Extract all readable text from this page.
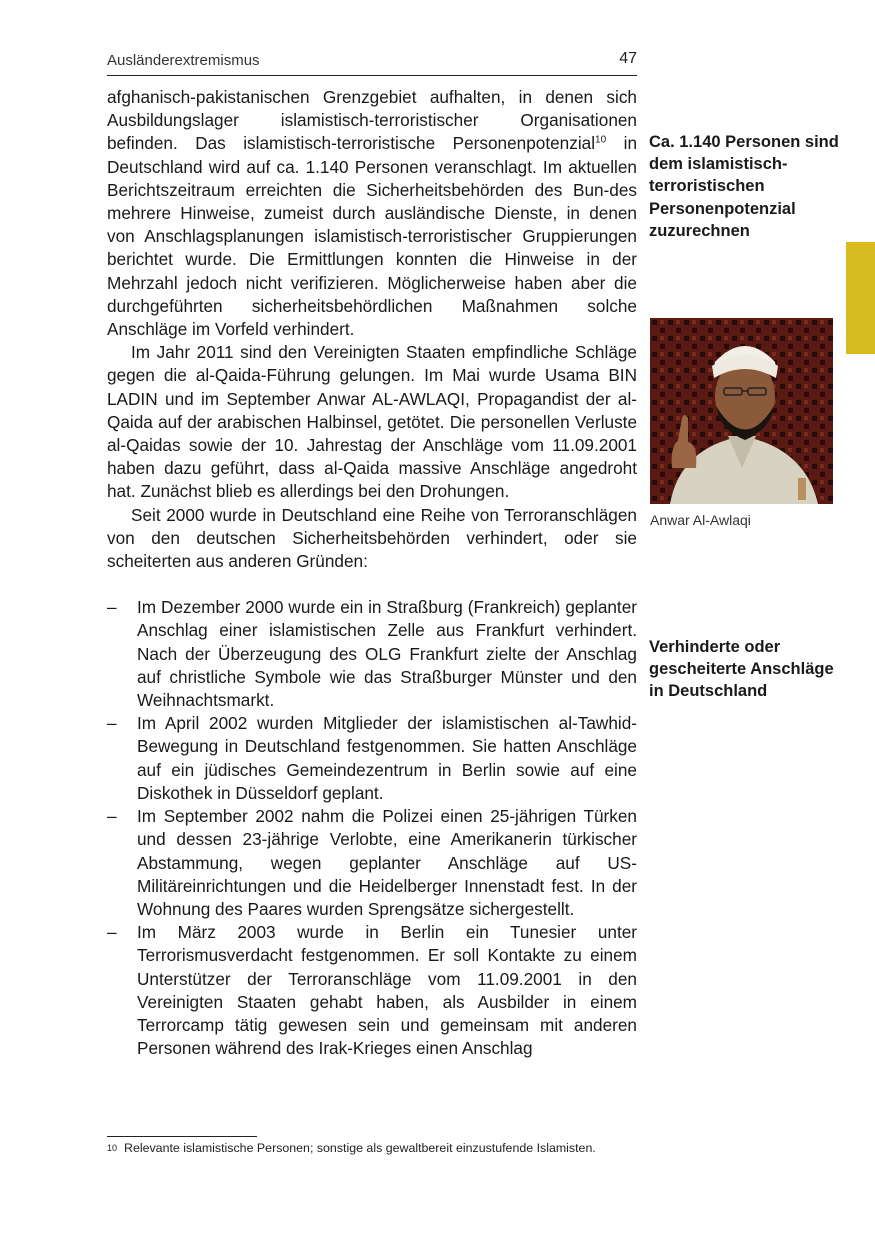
Ausländerextremismus	47

afghanisch-pakistanischen Grenzgebiet aufhalten, in denen sich Ausbildungslager islamistisch-terroristischer Organisationen befinden. Das islamistisch-terroristische Personenpotenzial$^{10}$ in Deutschland wird auf ca. 1.140 Personen veranschlagt. Im aktuellen Berichtszeitraum erreichten die Sicherheitsbehörden des Bun-des mehrere Hinweise, zumeist durch ausländische Dienste, in denen von Anschlagsplanungen islamistisch-terroristischer Gruppierungen berichtet wurde. Die Ermittlungen konnten die Hinweise in der Mehrzahl jedoch nicht verifizieren. Möglicherweise haben aber die durchgeführten sicherheitsbehördlichen Maßnahmen solche Anschläge im Vorfeld verhindert.

Im Jahr 2011 sind den Vereinigten Staaten empfindliche Schläge gegen die al-Qaida-Führung gelungen. Im Mai wurde Usama BIN LADIN und im September Anwar AL-AWLAQI, Propagandist der al-Qaida auf der arabischen Halbinsel, getötet. Die personellen Verluste al-Qaidas sowie der 10. Jahrestag der Anschläge vom 11.09.2001 haben dazu geführt, dass al-Qaida massive Anschläge angedroht hat. Zunächst blieb es allerdings bei den Drohungen.

Seit 2000 wurde in Deutschland eine Reihe von Terroranschlägen von den deutschen Sicherheitsbehörden verhindert, oder sie scheiterten aus anderen Gründen:

– Im Dezember 2000 wurde ein in Straßburg (Frankreich) geplanter Anschlag einer islamistischen Zelle aus Frankfurt verhindert. Nach der Überzeugung des OLG Frankfurt zielte der Anschlag auf christliche Symbole wie das Straßburger Münster und den Weihnachtsmarkt.
– Im April 2002 wurden Mitglieder der islamistischen al-Tawhid-Bewegung in Deutschland festgenommen. Sie hatten Anschläge auf ein jüdisches Gemeindezentrum in Berlin sowie auf eine Diskothek in Düsseldorf geplant.
– Im September 2002 nahm die Polizei einen 25-jährigen Türken und dessen 23-jährige Verlobte, eine Amerikanerin türkischer Abstammung, wegen geplanter Anschläge auf US-Militäreinrichtungen und die Heidelberger Innenstadt fest. In der Wohnung des Paares wurden Sprengsätze sichergestellt.
– Im März 2003 wurde in Berlin ein Tunesier unter Terrorismusverdacht festgenommen. Er soll Kontakte zu einem Unterstützer der Terroranschläge vom 11.09.2001 in den Vereinigten Staaten gehabt haben, als Ausbilder in einem Terrorcamp tätig gewesen sein und gemeinsam mit anderen Personen während des Irak-Krieges einen Anschlag
Ca. 1.140 Personen sind dem islamistisch-terroristischen Personenpotenzial zuzurechnen
Verhinderte oder gescheiterte Anschläge in Deutschland
Anwar Al-Awlaqi
10 Relevante islamistische Personen; sonstige als gewaltbereit einzustufende Islamisten.
